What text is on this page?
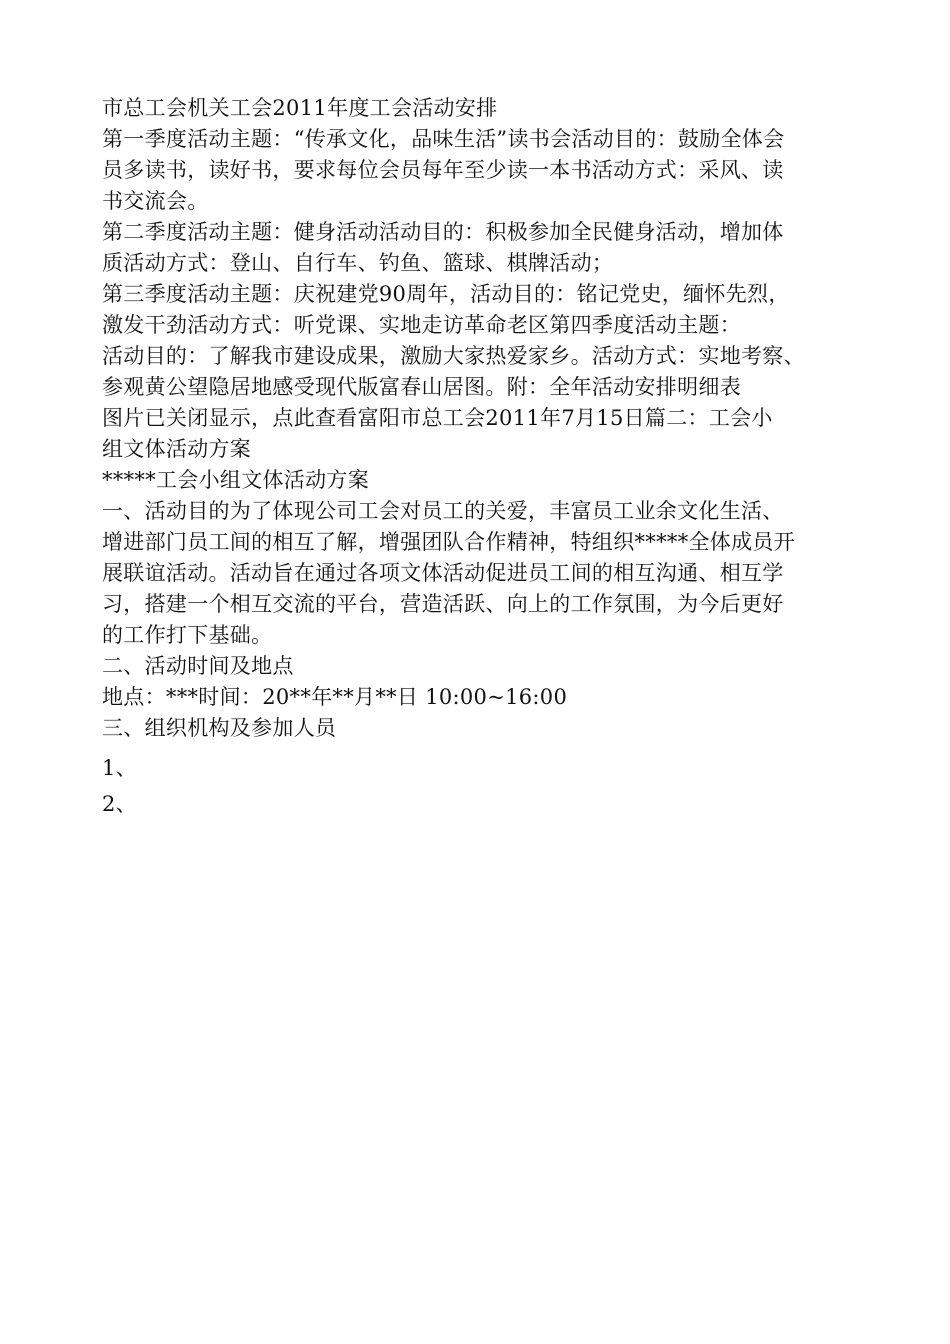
市总工会机关工会2011年度工会活动安排
第一季度活动主题：“传承文化，品味生活”读书会活动目的：鼓励全体会
员多读书，读好书，要求每位会员每年至少读一本书活动方式：采风、读
书交流会。
第二季度活动主题：健身活动活动目的：积极参加全民健身活动，增加体
质活动方式：登山、自行车、钓鱼、篮球、棋牌活动；
第三季度活动主题：庆祝建党90周年，活动目的：铭记党史，缅怀先烈，
激发干劲活动方式：听党课、实地走访革命老区第四季度活动主题：
活动目的：了解我市建设成果，激励大家热爱家乡。活动方式：实地考察、
参观黄公望隐居地感受现代版富春山居图。附：全年活动安排明细表
图片已关闭显示，点此查看富阳市总工会2011年7月15日篇二：工会小
组文体活动方案
*****工会小组文体活动方案
一、活动目的为了体现公司工会对员工的关爱，丰富员工业余文化生活、
增进部门员工间的相互了解，增强团队合作精神，特组织*****全体成员开
展联谊活动。活动旨在通过各项文体活动促进员工间的相互沟通、相互学
习，搭建一个相互交流的平台，营造活跃、向上的工作氛围，为今后更好
的工作打下基础。
二、活动时间及地点
地点：***时间：20**年**月**日 10:00~16:00
三、组织机构及参加人员
1、
2、
